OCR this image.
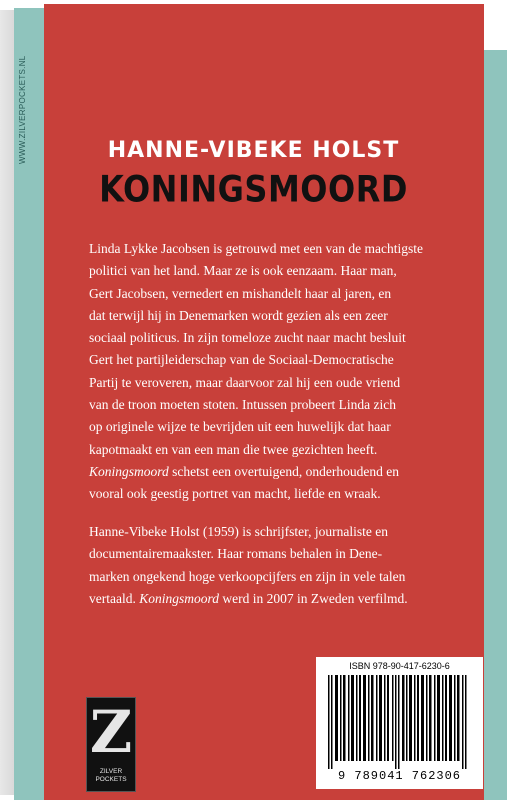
WWW.ZILVERPOCKETS.NL	HANNE-VIBEKE HOLST
KONINGSMOORD
Linda Lykke Jacobsen is getrouwd met een van de machtigste
politici van het land. Maar ze is ook eenzaam. Haar man,
Gert Jacobsen, vernedert en mishandelt haar al jaren, en
dat terwijl hij in Denemarken wordt gezien als een zeer
sociaal politicus. In zijn tomeloze zucht naar macht besluit
Gert het partijleiderschap van de Sociaal-Democratische
Partij te veroveren, maar daarvoor zal hij een oude vriend
van de troon moeten stoten. Intussen probeert Linda zich
op originele wijze te bevrijden uit een huwelijk dat haar
kapotmaakt en van een man die twee gezichten heeft.
Koningsmoord schetst een overtuigend, onderhoudend en
vooral ook geestig portret van macht, liefde en wraak.
Hanne-Vibeke Holst (1959) is schrijfster, journaliste en
documentairemaakster. Haar romans behalen in Dene-
marken ongekend hoge verkoopcijfers en zijn in vele talen
vertaald. Koningsmoord werd in 2007 in Zweden verfilmd.
Z
ZILVER
POCKETS
ISBN 978-90-417-6230-6
9 789041 762306
